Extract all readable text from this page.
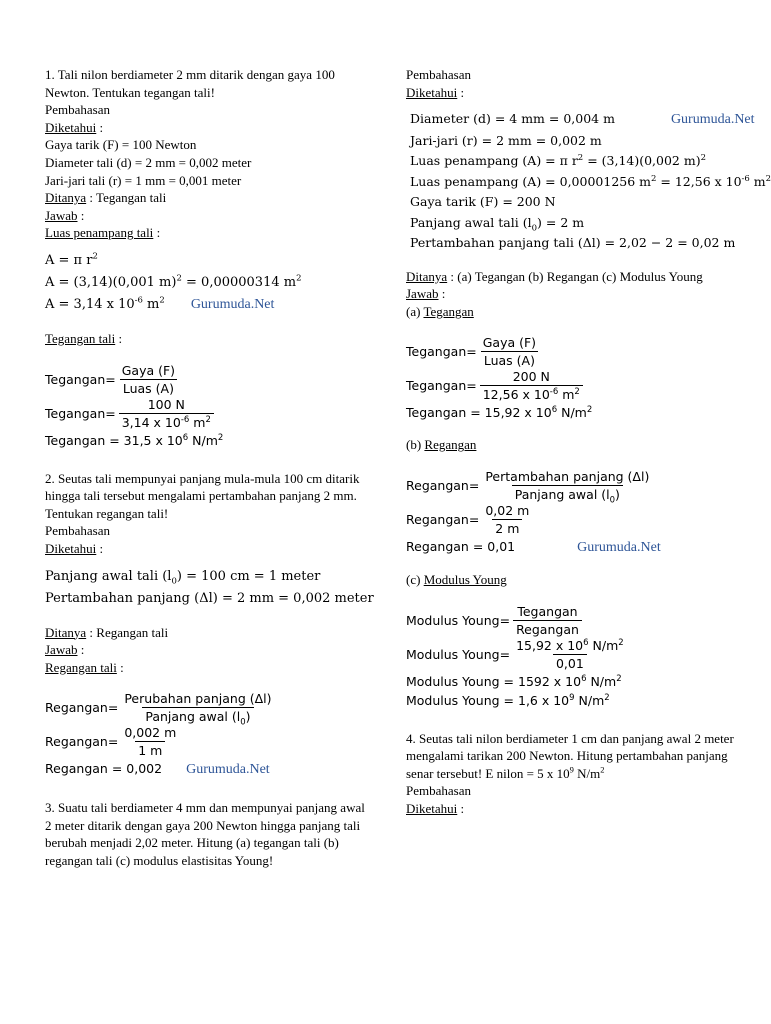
1. Tali nilon berdiameter 2 mm ditarik dengan gaya 100 Newton. Tentukan tegangan tali!
Pembahasan
Diketahui :
Gaya tarik (F) = 100 Newton
Diameter tali (d) = 2 mm = 0,002 meter
Jari-jari tali (r) = 1 mm = 0,001 meter
Ditanya : Tegangan tali
Jawab :
Luas penampang tali :
A = π $r^2$
A = (3,14)(0,001 m)$^2$ = 0,00000314 $m^2$
A = 3,14 x $10^{-6}$ $m^2$ Gurumuda.Net
Tegangan tali :
Tegangan = $\frac{\text{Gaya (F)}}{\text{Luas (A)}}$
Tegangan = $\frac{100 N}{3,14 x 10^{-6} m^2}$
Tegangan = 31,5 x $10^6$ $N/m^2$
2. Seutas tali mempunyai panjang mula-mula 100 cm ditarik hingga tali tersebut mengalami pertambahan panjang 2 mm. Tentukan regangan tali!
Pembahasan
Diketahui :
Panjang awal tali $(l_0) = 100$ cm = 1 meter
Pertambahan panjang (Δl) = 2 mm = 0,002 meter
Ditanya : Regangan tali
Jawab :
Regangan tali :
Regangan = $\frac{\text{Perubahan panjang (Δl)}}{Panjang awal (l_0)}$
Regangan = $\frac{0,002 m}{1 m}$
Regangan = 0,002 Gurumuda.Net
3. Suatu tali berdiameter 4 mm dan mempunyai panjang awal 2 meter ditarik dengan gaya 200 Newton hingga panjang tali berubah menjadi 2,02 meter. Hitung (a) tegangan tali (b) regangan tali (c) modulus elastisitas Young!
Pembahasan
Diketahui :
Diameter (d) = 4 mm = 0,004 m	Gurumuda.Net
Jari-jari (r) = 2 mm = 0,002 m
Luas penampang (A) = π $r^2 = (3,14)(0,002$ m)$^2$
Luas penampang (A) = 0,00001256 $m^2 = 12,56$ x $10^{-6}$ $m^2$
Gaya tarik (F) = 200 N
Panjang awal tali $(l_0) = 2$ m
Pertambahan panjang tali (Δl) = 2,02 − 2 = 0,02 m
Ditanya : (a) Tegangan (b) Regangan (c) Modulus Young
Jawab :
(a) Tegangan
Tegangan = $\frac{\text{Gaya (F)}}{\text{Luas (A)}}$
Tegangan = $\frac{200 N}{12,56 x 10^{-6} m^2}$
Tegangan = 15,92 x $10^6$ $N/m^2$
(b) Regangan
Regangan = $\frac{\text{Pertambahan panjang (Δl)}}{Panjang awal (l_0)}$
Regangan = $\frac{0,02 m}{2 m}$
Regangan = 0,01	Gurumuda.Net
(c) Modulus Young
Modulus Young = $\frac{\text{Tegangan}}{\text{Regangan}}$
Modulus Young = $\frac{15,92 x 10^6 N/m^2}{0,01}$
Modulus Young = 1592 x $10^6$ $N/m^2$
Modulus Young = 1,6 x $10^9$ $N/m^2$
4. Seutas tali nilon berdiameter 1 cm dan panjang awal 2 meter mengalami tarikan 200 Newton. Hitung pertambahan panjang senar tersebut! E nilon = 5 x $10^9$ $N/m^2$
Pembahasan
Diketahui :
